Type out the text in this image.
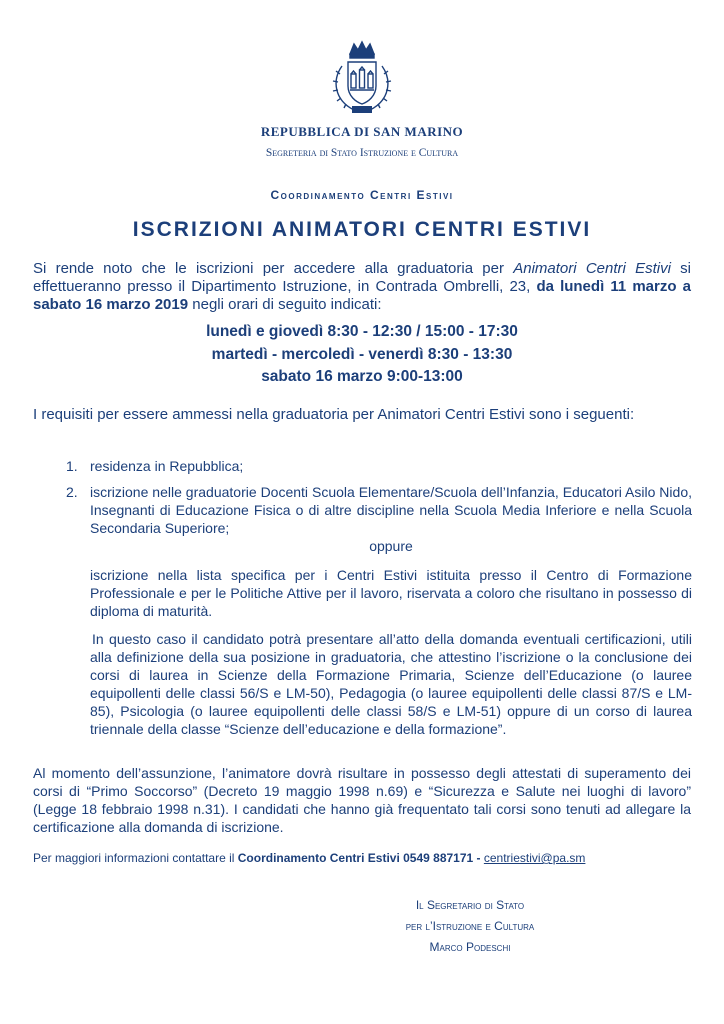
REPUBBLICA DI SAN MARINO
Segreteria di Stato Istruzione e Cultura
Coordinamento Centri Estivi
ISCRIZIONI ANIMATORI CENTRI ESTIVI
Si rende noto che le iscrizioni per accedere alla graduatoria per Animatori Centri Estivi si effettueranno presso il Dipartimento Istruzione, in Contrada Ombrelli, 23, da lunedì 11 marzo a sabato 16 marzo 2019 negli orari di seguito indicati:
lunedì e giovedì 8:30 - 12:30 / 15:00 - 17:30
martedì - mercoledì - venerdì 8:30 - 13:30
sabato 16 marzo 9:00-13:00
I requisiti per essere ammessi nella graduatoria per Animatori Centri Estivi sono i seguenti:
1. residenza in Repubblica;
2. iscrizione nelle graduatorie Docenti Scuola Elementare/Scuola dell’Infanzia, Educatori Asilo Nido, Insegnanti di Educazione Fisica o di altre discipline nella Scuola Media Inferiore e nella Scuola Secondaria Superiore;
oppure
iscrizione nella lista specifica per i Centri Estivi istituita presso il Centro di Formazione Professionale e per le Politiche Attive per il lavoro, riservata a coloro che risultano in possesso di diploma di maturità.
In questo caso il candidato potrà presentare all’atto della domanda eventuali certificazioni, utili alla definizione della sua posizione in graduatoria, che attestino l’iscrizione o la conclusione dei corsi di laurea in Scienze della Formazione Primaria, Scienze dell’Educazione (o lauree equipollenti delle classi 56/S e LM-50), Pedagogia (o lauree equipollenti delle classi 87/S e LM-85), Psicologia (o lauree equipollenti delle classi 58/S e LM-51) oppure di un corso di laurea triennale della classe “Scienze dell’educazione e della formazione”.
Al momento dell’assunzione, l’animatore dovrà risultare in possesso degli attestati di superamento dei corsi di “Primo Soccorso” (Decreto 19 maggio 1998 n.69) e “Sicurezza e Salute nei luoghi di lavoro” (Legge 18 febbraio 1998 n.31). I candidati che hanno già frequentato tali corsi sono tenuti ad allegare la certificazione alla domanda di iscrizione.
Per maggiori informazioni contattare il Coordinamento Centri Estivi 0549 887171 - centriestivi@pa.sm
Il Segretario di Stato
per l’Istruzione e Cultura
Marco Podeschi
